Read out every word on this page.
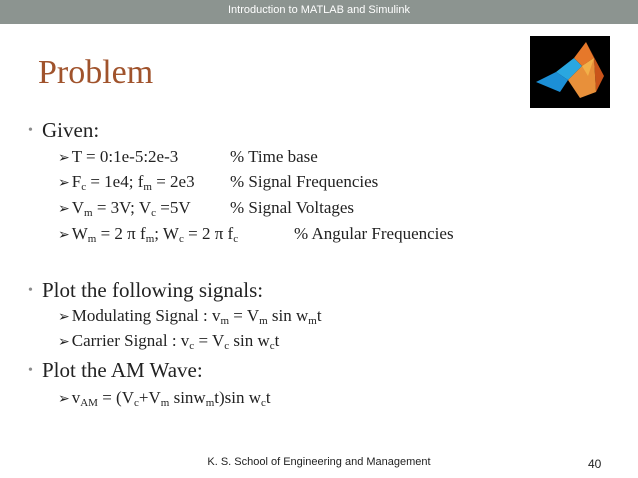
Introduction to MATLAB and Simulink
Problem
• Given:
➢ T = 0:1e-5:2e-3	% Time base
➢ $F_c = 1e4$; $f_m = 2e3$ % Signal Frequencies
➢ $V_m = 3V$; $V_c =5V$ % Signal Voltages
➢ $W_m = 2$ π $f_m$; $W_c = 2$ π $f_c$	% Angular Frequencies
• Plot the following signals:
➢ Modulating Signal : $v_m = V_m$ $\sin w_mt$
➢ Carrier Signal : $v_c = V_c$ $\sin w_ct$
• Plot the AM Wave:
➢ $v_{AM} = (V_c+V_m$ sinw$_m$t)sin $w_ct$
K. S. School of Engineering and Management	40
